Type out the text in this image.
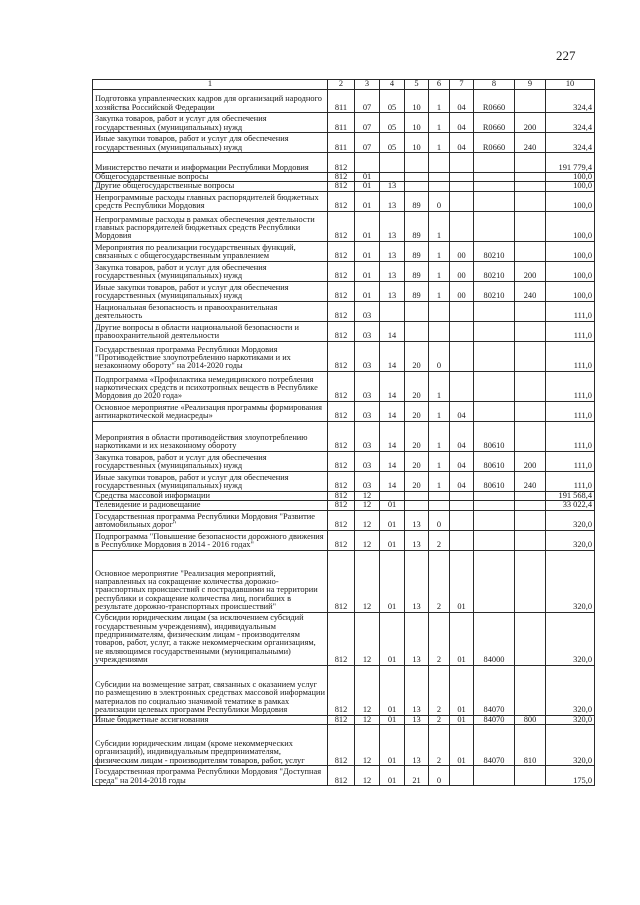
227
1	2	3	4	5	6	7	8	9	10
Подготовка управленческих кадров для организаций народного хозяйства Российской Федерации	811	07	05	10	1	04	R0660		324,4
Закупка товаров, работ и услуг для обеспечения государственных (муниципальных) нужд	811	07	05	10	1	04	R0660	200	324,4
Иные закупки товаров, работ и услуг для обеспечения государственных (муниципальных) нужд	811	07	05	10	1	04	R0660	240	324,4
Министерство печати и информации Республики Мордовия	812								191 779,4
Общегосударственные вопросы	812	01							100,0
Другие общегосударственные вопросы	812	01	13						100,0
Непрограммные расходы главных распорядителей бюджетных средств Республики Мордовия	812	01	13	89	0				100,0
Непрограммные расходы в рамках обеспечения деятельности главных распорядителей бюджетных средств Республики Мордовия	812	01	13	89	1				100,0
Мероприятия по реализации государственных функций, связанных с общегосударственным управлением	812	01	13	89	1	00	80210		100,0
Закупка товаров, работ и услуг для обеспечения государственных (муниципальных) нужд	812	01	13	89	1	00	80210	200	100,0
Иные закупки товаров, работ и услуг для обеспечения государственных (муниципальных) нужд	812	01	13	89	1	00	80210	240	100,0
Национальная безопасность и правоохранительная деятельность	812	03							111,0
Другие вопросы в области национальной безопасности и правоохранительной деятельности	812	03	14						111,0
Государственная программа Республики Мордовия "Противодействие злоупотреблению наркотиками и их незаконному обороту" на 2014-2020 годы	812	03	14	20	0				111,0
Подпрограмма «Профилактика немедицинского потребления наркотических средств и психотропных веществ в Республике Мордовия до 2020 года»	812	03	14	20	1				111,0
Основное мероприятие «Реализация программы формирования антинаркотической медиасреды»	812	03	14	20	1	04			111,0
Мероприятия в области противодействия злоупотреблению наркотиками и их незаконному обороту	812	03	14	20	1	04	80610		111,0
Закупка товаров, работ и услуг для обеспечения государственных (муниципальных) нужд	812	03	14	20	1	04	80610	200	111,0
Иные закупки товаров, работ и услуг для обеспечения государственных (муниципальных) нужд	812	03	14	20	1	04	80610	240	111,0
Средства массовой информации	812	12							191 568,4
Телевидение и радиовещание	812	12	01						33 022,4
Государственная программа Республики Мордовия "Развитие автомобильных дорог"	812	12	01	13	0				320,0
Подпрограмма "Повышение безопасности дорожного движения в Республике Мордовия в 2014 - 2016 годах"	812	12	01	13	2				320,0
Основное мероприятие "Реализация мероприятий, направленных на сокращение количества дорожно-транспортных происшествий с пострадавшими на территории республики и сокращение количества лиц, погибших в результате дорожно-транспортных происшествий"	812	12	01	13	2	01			320,0
Субсидии юридическим лицам (за исключением субсидий государственным учреждениям), индивидуальным предпринимателям, физическим лицам - производителям товаров, работ, услуг, а также некоммерческим организациям, не являющимся государственными (муниципальными) учреждениями	812	12	01	13	2	01	84000		320,0
Субсидии на возмещение затрат, связанных с оказанием услуг по размещению в электронных средствах массовой информации материалов по социально значимой тематике в рамках реализации целевых программ Республики Мордовия	812	12	01	13	2	01	84070		320,0
Иные бюджетные ассигнования	812	12	01	13	2	01	84070	800	320,0
Субсидии юридическим лицам (кроме некоммерческих организаций), индивидуальным предпринимателям, физическим лицам - производителям товаров, работ, услуг	812	12	01	13	2	01	84070	810	320,0
Государственная программа Республики Мордовия "Доступная среда" на 2014-2018 годы	812	12	01	21	0				175,0
